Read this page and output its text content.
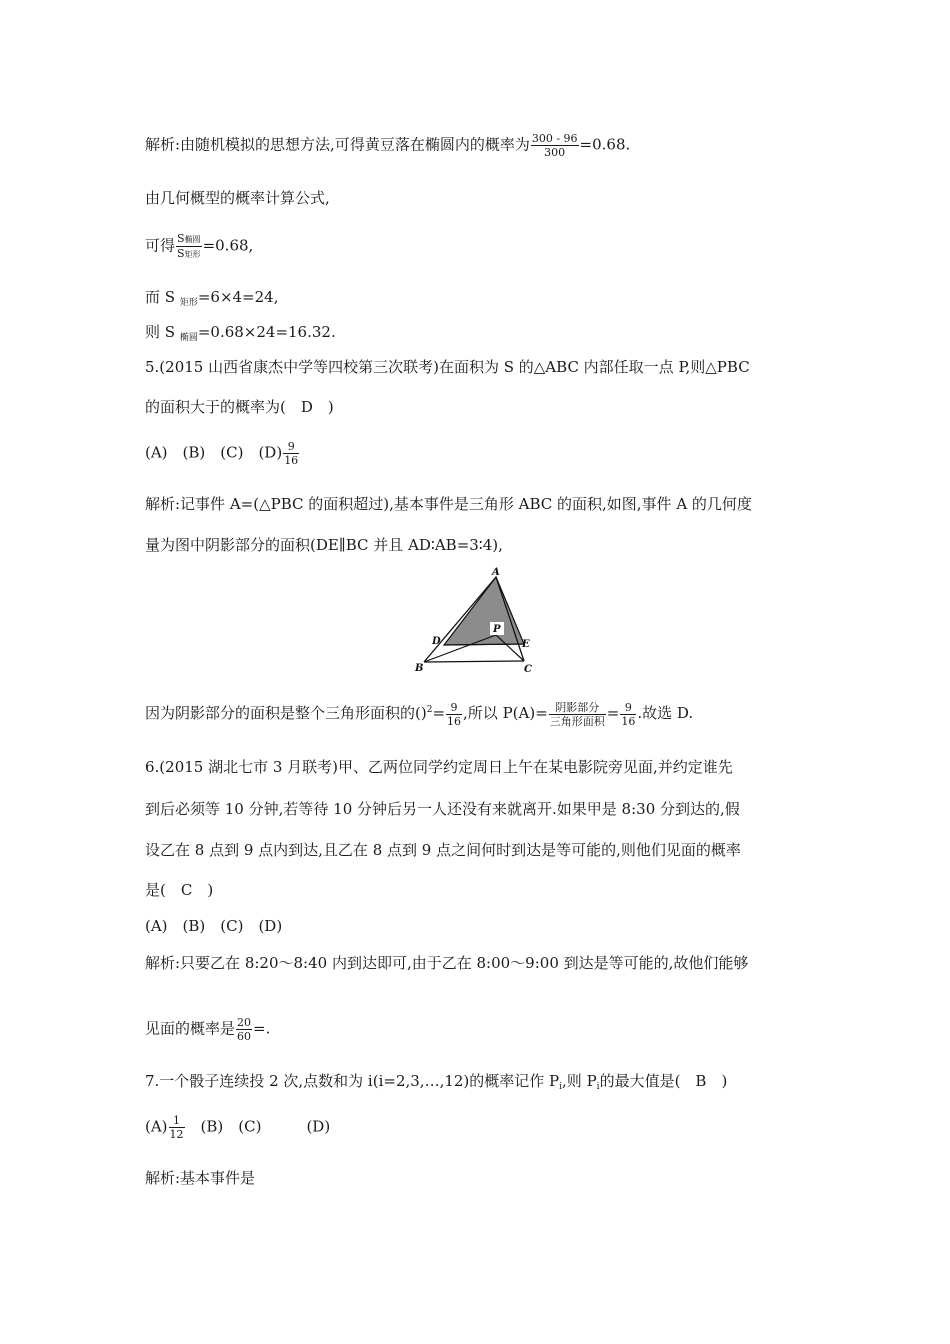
解析:由随机模拟的思想方法,可得黄豆落在椭圆内的概率为 $\frac{300 - 96}{300} =0.68$.
由几何概型的概率计算公式,
可得 $\frac{\text{S椭圆}}{\text{S矩形}} =0.68$,
而 S $_{矩形}$=6×4=24,
则 S $_{椭圆}$=0.68×24=16.32.
5.(2015 山西省康杰中学等四校第三次联考)在面积为 S 的△ABC 内部任取一点 P,则△PBC
的面积大于的概率为(　D　)
(A)　(B)　(C)　$(D) \frac{9}{16}$
解析:记事件 A=(△PBC 的面积超过),基本事件是三角形 ABC 的面积,如图,事件 A 的几何度
量为图中阴影部分的面积(DE∥BC 并且 AD∶AB=3∶4),
A
B	C
D	E
P
因为阴影部分的面积是整个三角形面积的$()^2= \frac{9}{16}$ ,所以 $P(A)= \frac{\text{阴影部分}}{\text{三角形面积}} = \frac{9}{16}$ .故选 D.
6.(2015 湖北七市 3 月联考)甲、乙两位同学约定周日上午在某电影院旁见面,并约定谁先
到后必须等 10 分钟,若等待 10 分钟后另一人还没有来就离开.如果甲是 8:30 分到达的,假
设乙在 8 点到 9 点内到达,且乙在 8 点到 9 点之间何时到达是等可能的,则他们见面的概率
是(　C　)
(A)　(B)　(C)　(D)
解析:只要乙在 8:20～8:40 内到达即可,由于乙在 8:00～9:00 到达是等可能的,故他们能够
见面的概率是 $\frac{20}{60}$ =.
7.一个骰子连续投 2 次,点数和为 i(i=2,3,…,12)的概率记作 $P_i$,则 $P_i$的最大值是(　B　)
$(A) \frac{1}{12}$ 　(B)　(C)　　　(D)
解析:基本事件是
